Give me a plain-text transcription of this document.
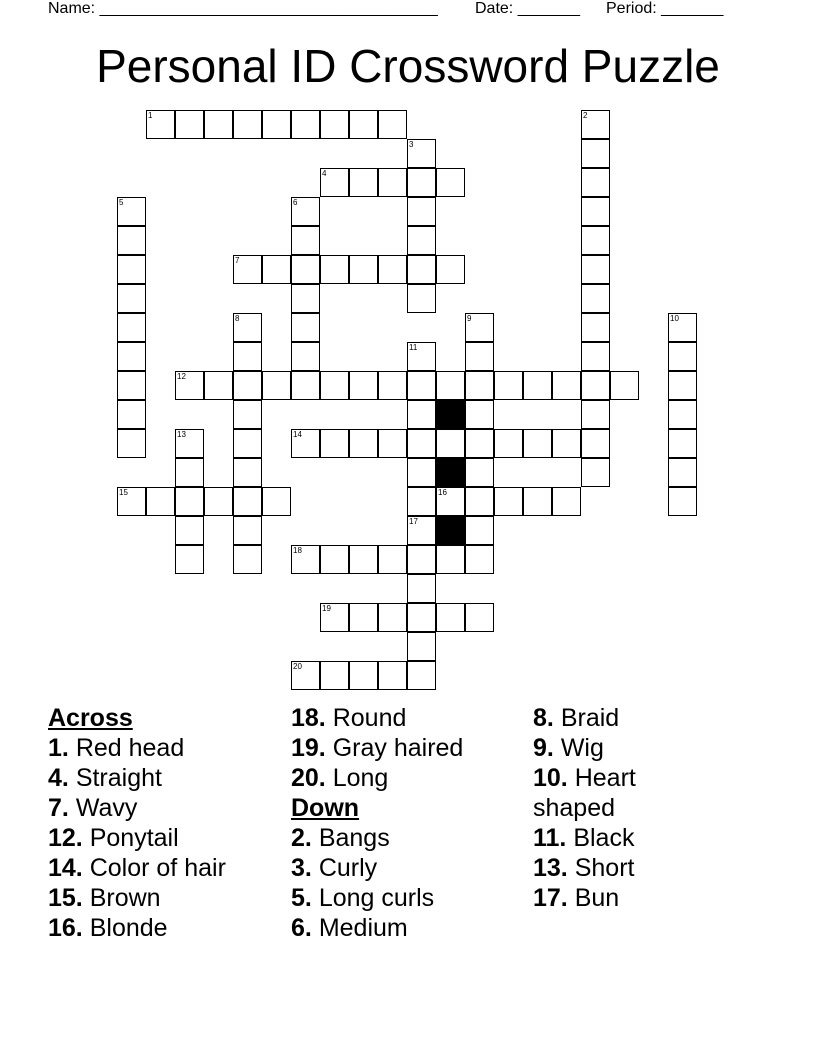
Name: ______________________________________ Date: _______ Period: _______
Personal ID Crossword Puzzle
1	2
3
4
5	6
7
8	9	10
11
12
13	14
15	16
17
18
19
20
Across
1. Red head
4. Straight
7. Wavy
12. Ponytail
14. Color of hair
15. Brown
16. Blonde
18. Round
19. Gray haired
20. Long
Down
2. Bangs
3. Curly
5. Long curls
6. Medium
8. Braid
9. Wig
10. Heart
shaped
11. Black
13. Short
17. Bun
